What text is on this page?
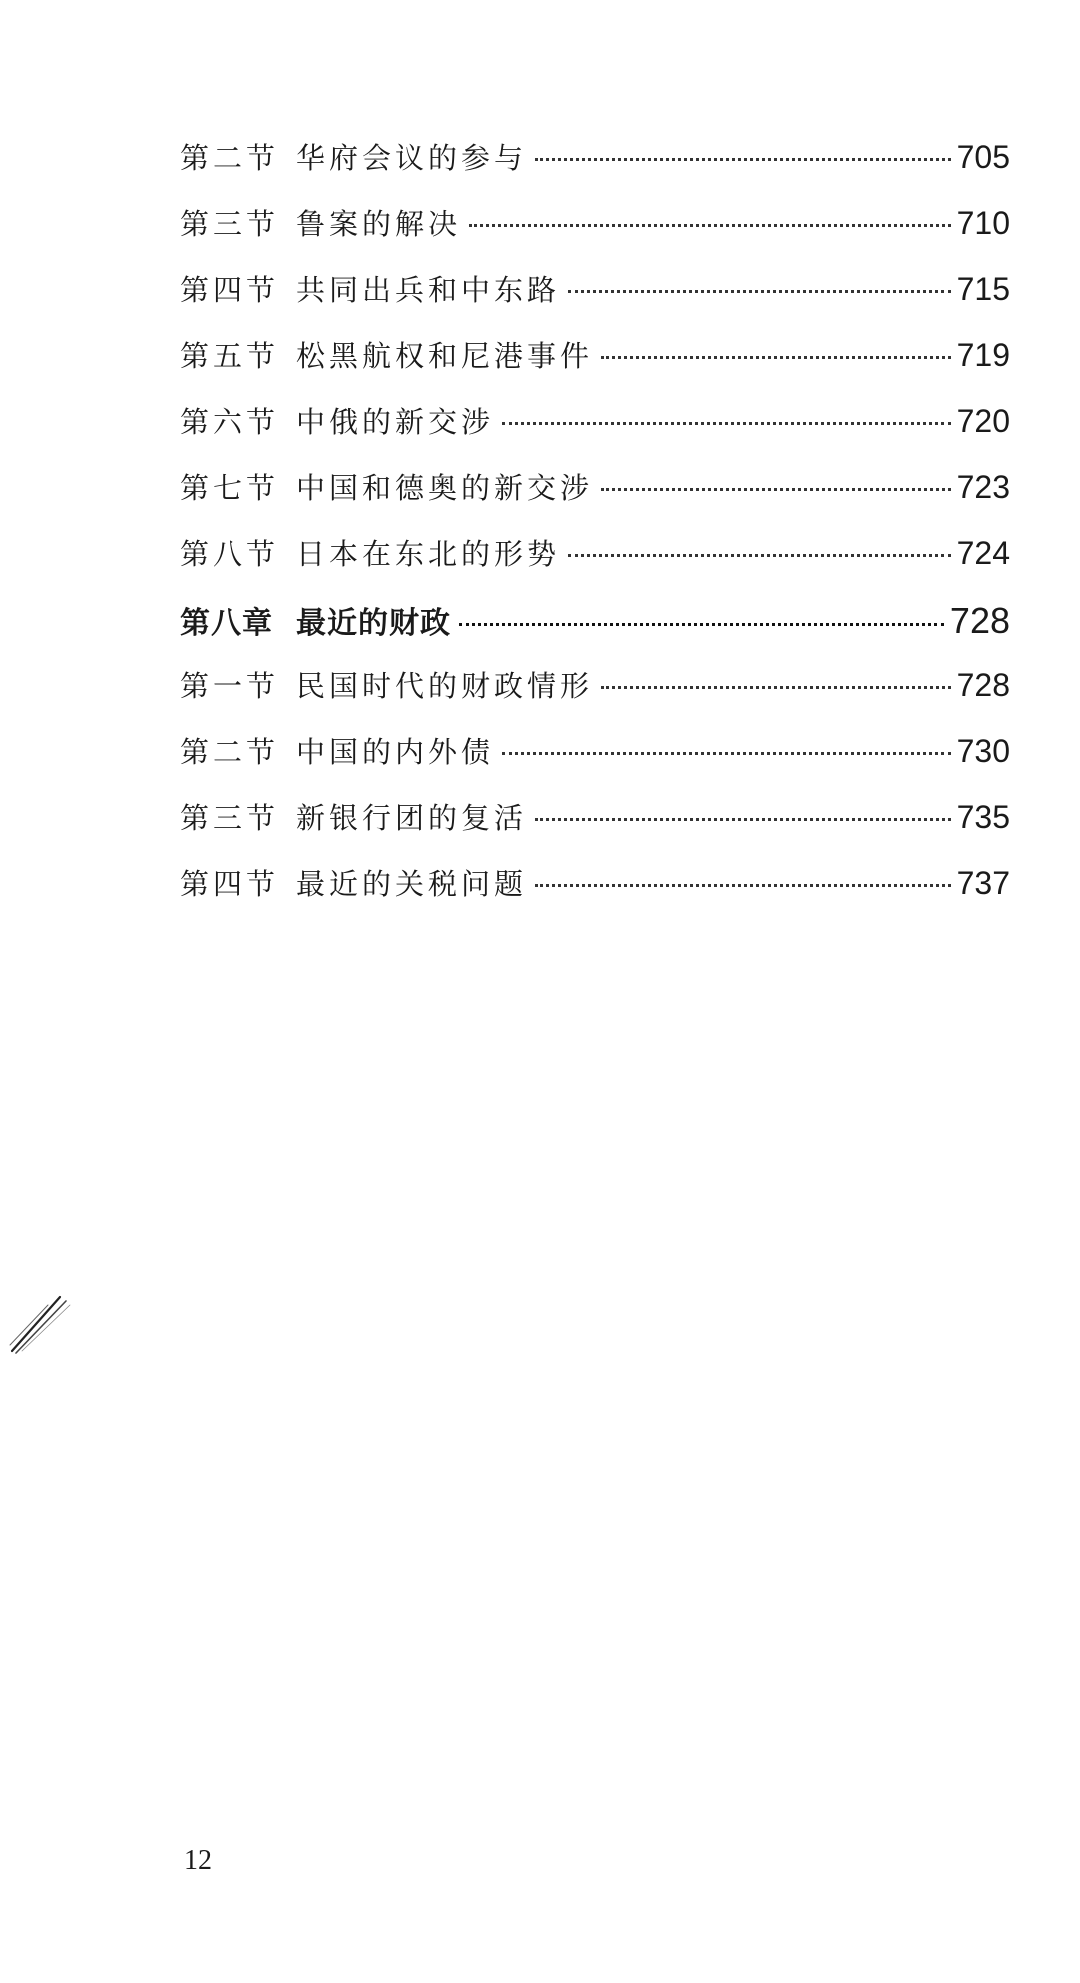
第二节 华府会议的参与	705
第三节 鲁案的解决	710
第四节 共同出兵和中东路	715
第五节 松黑航权和尼港事件	719
第六节 中俄的新交涉	720
第七节 中国和德奥的新交涉	723
第八节 日本在东北的形势	724
第八章 最近的财政	728
第一节 民国时代的财政情形	728
第二节 中国的内外债	730
第三节 新银行团的复活	735
第四节 最近的关税问题	737
12
